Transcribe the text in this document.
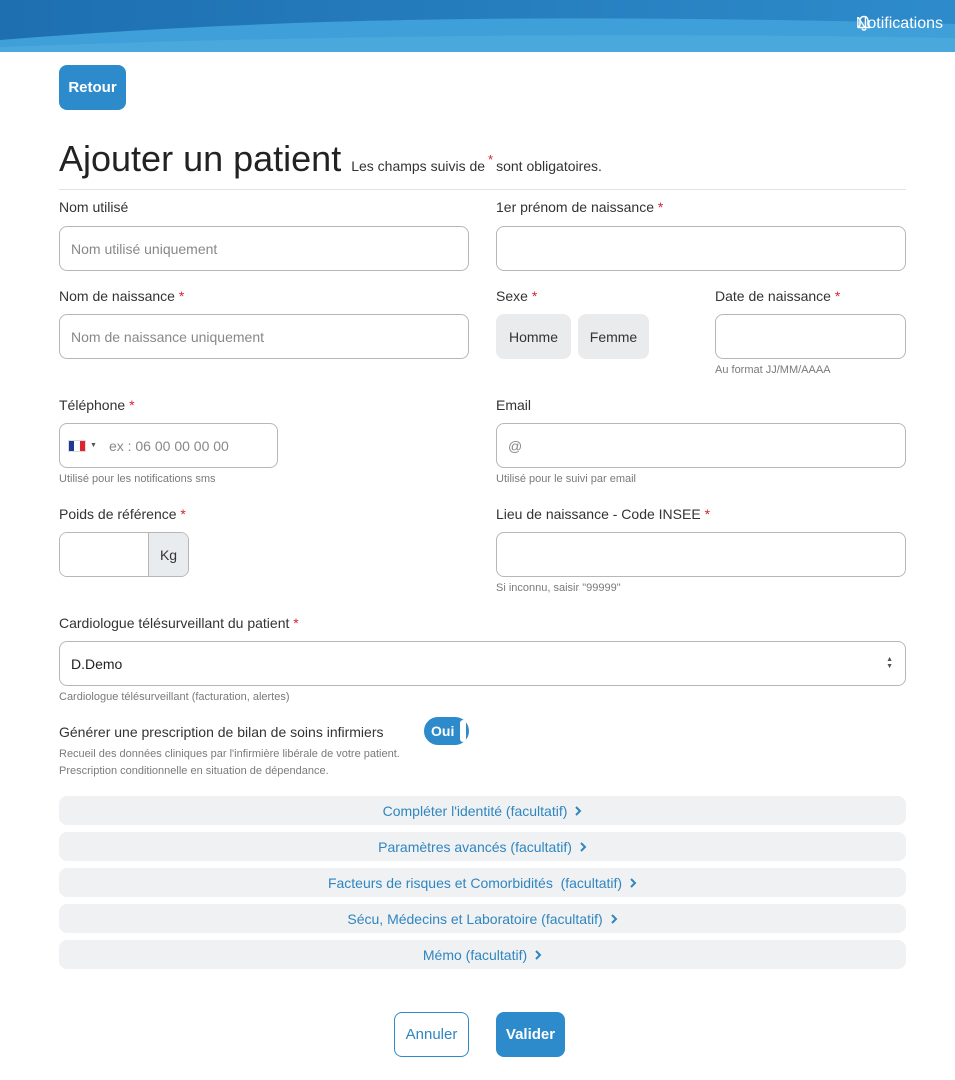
Notifications
Retour
Ajouter un patient Les champs suivis de * sont obligatoires.
Nom utilisé
Nom utilisé uniquement
1er prénom de naissance *
Nom de naissance *
Nom de naissance uniquement
Sexe *
Homme	Femme
Date de naissance *
Au format JJ/MM/AAAA
Téléphone *
▼ ex : 06 00 00 00 00
Utilisé pour les notifications sms
Email
@
Utilisé pour le suivi par email
Poids de référence *
Kg
Lieu de naissance - Code INSEE *
Si inconnu, saisir "99999"
Cardiologue télésurveillant du patient *
D.Demo	▲
▼
Cardiologue télésurveillant (facturation, alertes)
Générer une prescription de bilan de soins infirmiers	Oui
Recueil des données cliniques par l'infirmière libérale de votre patient.
Prescription conditionnelle en situation de dépendance.
Compléter l'identité (facultatif)
Paramètres avancés (facultatif)
Facteurs de risques et Comorbidités  (facultatif)
Sécu, Médecins et Laboratoire (facultatif)
Mémo (facultatif)
Annuler	Valider
